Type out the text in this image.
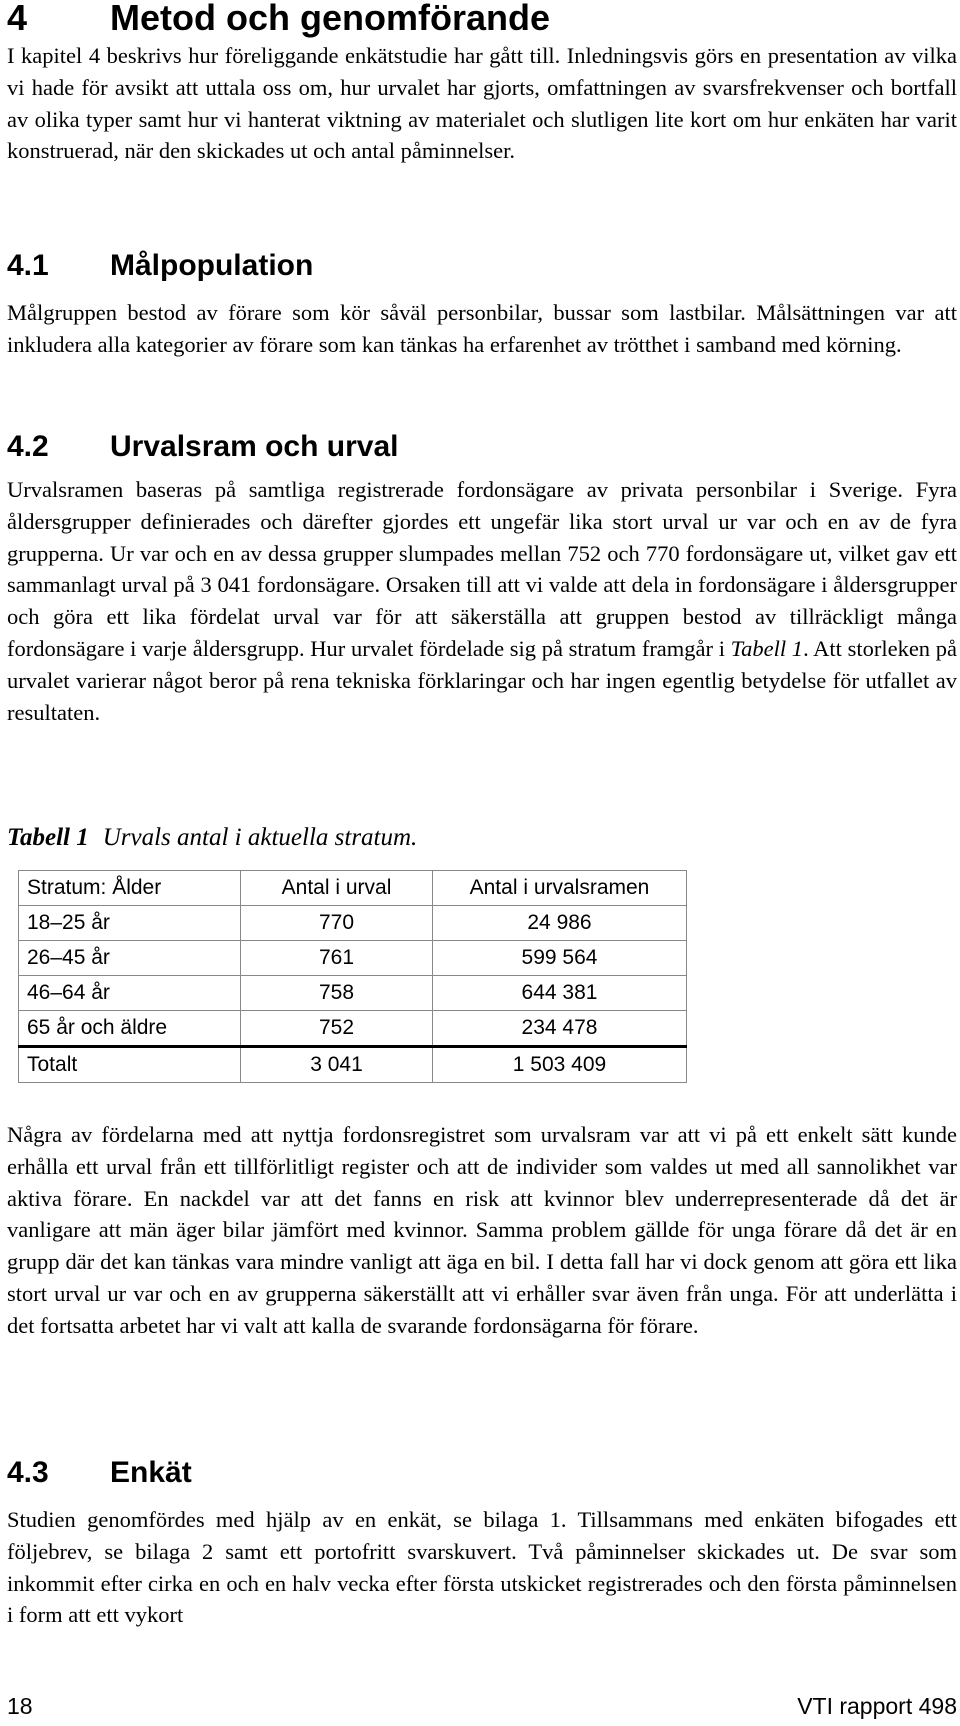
4 Metod och genomförande

I kapitel 4 beskrivs hur föreliggande enkätstudie har gått till. Inledningsvis görs en presentation av vilka vi hade för avsikt att uttala oss om, hur urvalet har gjorts, omfattningen av svarsfrekvenser och bortfall av olika typer samt hur vi hanterat viktning av materialet och slutligen lite kort om hur enkäten har varit konstruerad, när den skickades ut och antal påminnelser.

4.1 Målpopulation

Målgruppen bestod av förare som kör såväl personbilar, bussar som lastbilar. Målsättningen var att inkludera alla kategorier av förare som kan tänkas ha erfarenhet av trötthet i samband med körning.

4.2 Urvalsram och urval

Urvalsramen baseras på samtliga registrerade fordonsägare av privata personbilar i Sverige. Fyra åldersgrupper definierades och därefter gjordes ett ungefär lika stort urval ur var och en av de fyra grupperna. Ur var och en av dessa grupper slumpades mellan 752 och 770 fordonsägare ut, vilket gav ett sammanlagt urval på 3 041 fordonsägare. Orsaken till att vi valde att dela in fordonsägare i åldersgrupper och göra ett lika fördelat urval var för att säkerställa att gruppen bestod av tillräckligt många fordonsägare i varje åldersgrupp. Hur urvalet fördelade sig på stratum framgår i Tabell 1. Att storleken på urvalet varierar något beror på rena tekniska förklaringar och har ingen egentlig betydelse för utfallet av resultaten.

Tabell 1 Urvals antal i aktuella stratum.

Stratum: Ålder	Antal i urval	Antal i urvalsramen
18–25 år	770	24 986
26–45 år	761	599 564
46–64 år	758	644 381
65 år och äldre	752	234 478
Totalt	3 041	1 503 409

Några av fördelarna med att nyttja fordonsregistret som urvalsram var att vi på ett enkelt sätt kunde erhålla ett urval från ett tillförlitligt register och att de individer som valdes ut med all sannolikhet var aktiva förare. En nackdel var att det fanns en risk att kvinnor blev underrepresenterade då det är vanligare att män äger bilar jämfört med kvinnor. Samma problem gällde för unga förare då det är en grupp där det kan tänkas vara mindre vanligt att äga en bil. I detta fall har vi dock genom att göra ett lika stort urval ur var och en av grupperna säkerställt att vi erhåller svar även från unga. För att underlätta i det fortsatta arbetet har vi valt att kalla de svarande fordonsägarna för förare.

4.3 Enkät

Studien genomfördes med hjälp av en enkät, se bilaga 1. Tillsammans med enkäten bifogades ett följebrev, se bilaga 2 samt ett portofritt svarskuvert. Två påminnelser skickades ut. De svar som inkommit efter cirka en och en halv vecka efter första utskicket registrerades och den första påminnelsen i form att ett vykort

18	VTI rapport 498
